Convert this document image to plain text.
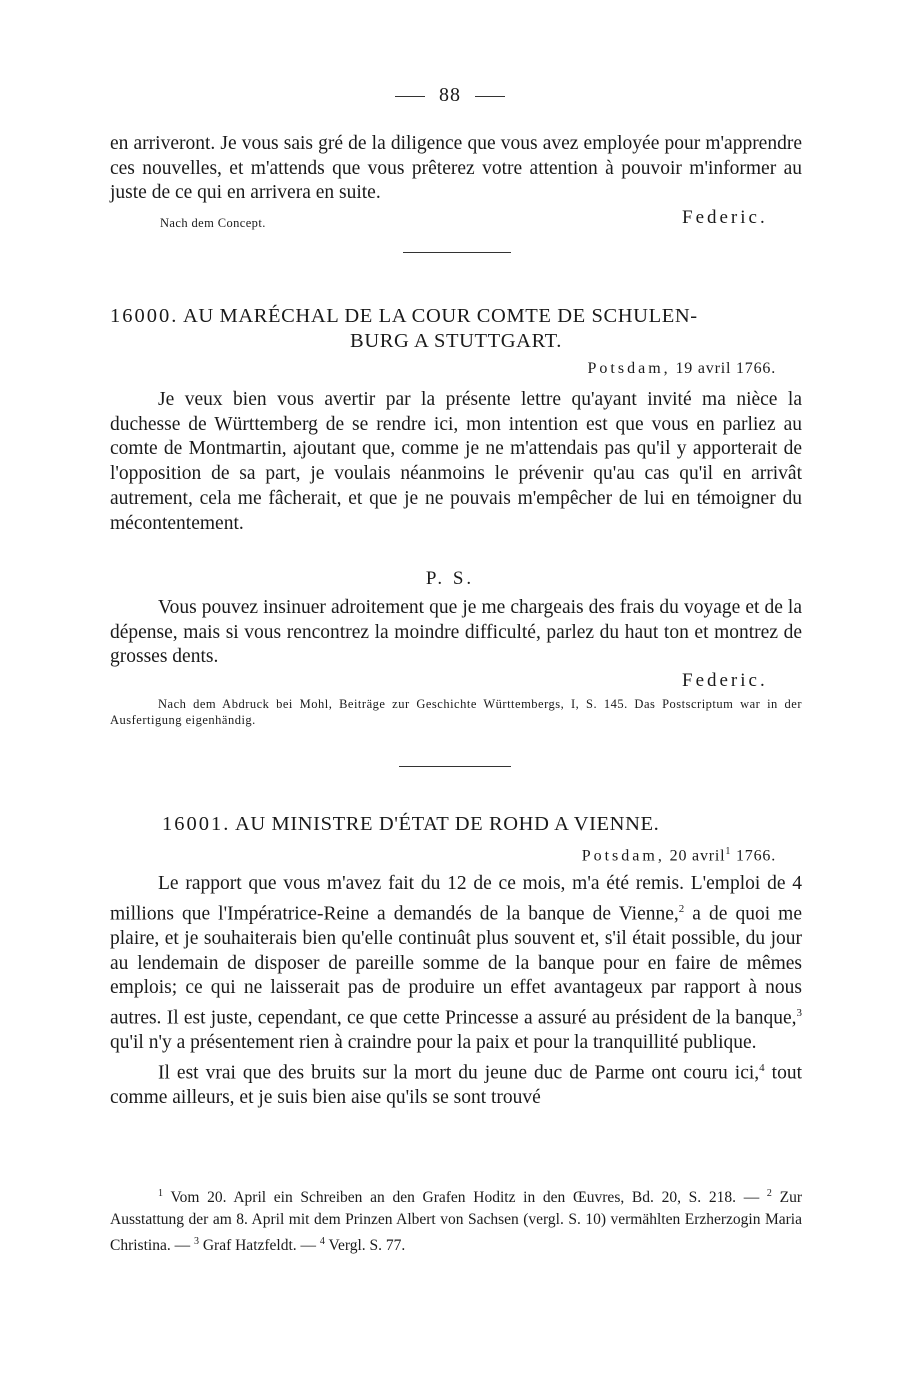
88
en arriveront. Je vous sais gré de la diligence que vous avez employée pour m'apprendre ces nouvelles, et m'attends que vous prêterez votre attention à pouvoir m'informer au juste de ce qui en arrivera en suite.
Nach dem Concept.	Federic.
16000. AU MARÉCHAL DE LA COUR COMTE DE SCHULEN-
BURG A STUTTGART.
Potsdam, 19 avril 1766.
Je veux bien vous avertir par la présente lettre qu'ayant invité ma nièce la duchesse de Württemberg de se rendre ici, mon intention est que vous en parliez au comte de Montmartin, ajoutant que, comme je ne m'attendais pas qu'il y apporterait de l'opposition de sa part, je voulais néanmoins le prévenir qu'au cas qu'il en arrivât autrement, cela me fâcherait, et que je ne pouvais m'empêcher de lui en témoigner du mécontentement.
P. S.
Vous pouvez insinuer adroitement que je me chargeais des frais du voyage et de la dépense, mais si vous rencontrez la moindre difficulté, parlez du haut ton et montrez de grosses dents.
Federic.
Nach dem Abdruck bei Mohl, Beiträge zur Geschichte Württembergs, I, S. 145. Das Postscriptum war in der Ausfertigung eigenhändig.
16001. AU MINISTRE D'ÉTAT DE ROHD A VIENNE.
Potsdam, 20 avril$^1$ 1766.
Le rapport que vous m'avez fait du 12 de ce mois, m'a été remis. L'emploi de 4 millions que l'Impératrice-Reine a demandés de la banque de Vienne,$^2$ a de quoi me plaire, et je souhaiterais bien qu'elle continuât plus souvent et, s'il était possible, du jour au lendemain de disposer de pareille somme de la banque pour en faire de mêmes emplois; ce qui ne laisserait pas de produire un effet avantageux par rapport à nous autres. Il est juste, cependant, ce que cette Princesse a assuré au président de la banque,$^3$ qu'il n'y a présentement rien à craindre pour la paix et pour la tranquillité publique.
Il est vrai que des bruits sur la mort du jeune duc de Parme ont couru ici,$^4$ tout comme ailleurs, et je suis bien aise qu'ils se sont trouvé
$^1$ Vom 20. April ein Schreiben an den Grafen Hoditz in den Œuvres, Bd. 20, S. 218. — $^2$ Zur Ausstattung der am 8. April mit dem Prinzen Albert von Sachsen (vergl. S. 10) vermählten Erzherzogin Maria Christina. — $^3$ Graf Hatzfeldt. — $^4$ Vergl. S. 77.
